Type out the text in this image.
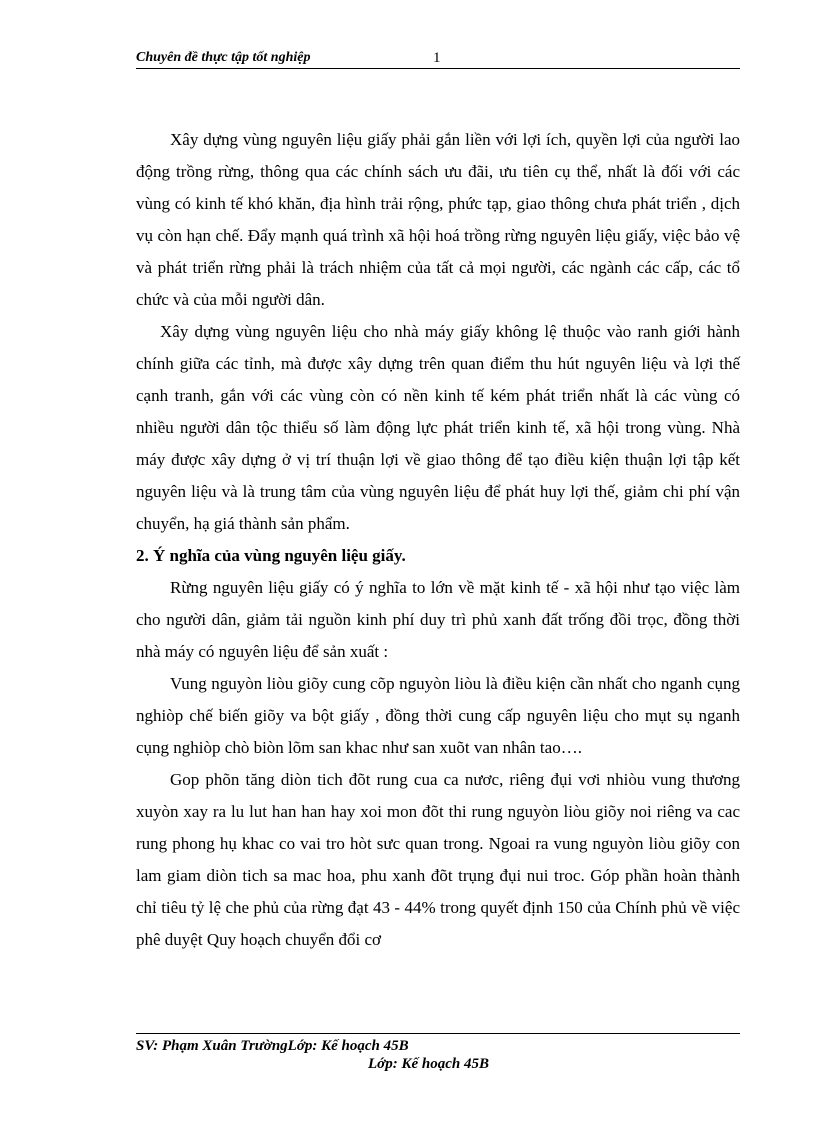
Chuyên đề thực tập tốt nghiệp	1

Xây dựng vùng nguyên liệu giấy phải gắn liền với lợi ích, quyền lợi của người lao động trồng rừng, thông qua các chính sách ưu đãi, ưu tiên cụ thể, nhất là đối với các vùng có kinh tế khó khăn, địa hình trải rộng, phức tạp, giao thông chưa phát triển , dịch vụ còn hạn chế. Đẩy mạnh quá trình xã hội hoá trồng rừng nguyên liệu giấy, việc bảo vệ và phát triển rừng phải là trách nhiệm của tất cả mọi người, các ngành các cấp, các tổ chức và của mỗi người dân.

Xây dựng vùng nguyên liệu cho nhà máy giấy không lệ thuộc vào ranh giới hành chính giữa các tỉnh, mà được xây dựng trên quan điểm thu hút nguyên liệu và lợi thế cạnh tranh, gắn với các vùng còn có nền kinh tế kém phát triển nhất là các vùng có nhiều người dân tộc thiểu số làm động lực phát triển kinh tế, xã hội trong vùng. Nhà máy được xây dựng ở vị trí thuận lợi về giao thông để tạo điều kiện thuận lợi tập kết nguyên liệu và là trung tâm của vùng nguyên liệu để phát huy lợi thế, giảm chi phí vận chuyển, hạ giá thành sản phẩm.

2. Ý nghĩa của vùng nguyên liệu giấy.

Rừng nguyên liệu giấy có ý nghĩa to lớn về mặt kinh tế - xã hội như tạo việc làm cho người dân, giảm tải nguồn kinh phí duy trì phủ xanh đất trống đồi trọc, đồng thời nhà máy có nguyên liệu để sản xuất :

Vung nguyòn liòu giõy cung cõp nguyòn liòu là điều kiện cần nhất cho nganh cụng nghiòp chế biến giõy va bột giấy , đồng thời cung cấp nguyên liệu cho mụt sụ nganh cụng nghiòp chò biòn lõm san khac như san xuõt van nhân tao….

Gop phõn tăng diòn tich đõt rung cua ca nươc, riêng đụi vơi nhiòu vung thương xuyòn xay ra lu lut han han hay xoi mon đõt thi rung nguyòn liòu giõy noi riêng va cac rung phong hụ khac co vai tro hòt sưc quan trong. Ngoai ra vung nguyòn liòu giõy con lam giam diòn tich sa mac hoa, phu xanh đõt trụng đụi nui troc. Góp phần hoàn thành chỉ tiêu tỷ lệ che phủ của rừng đạt 43 - 44% trong quyết định 150 của Chính phủ về việc phê duyệt Quy hoạch chuyển đổi cơ

SV: Phạm Xuân TrườngLớp: Kế hoạch 45B
Lớp: Kế hoạch 45B
